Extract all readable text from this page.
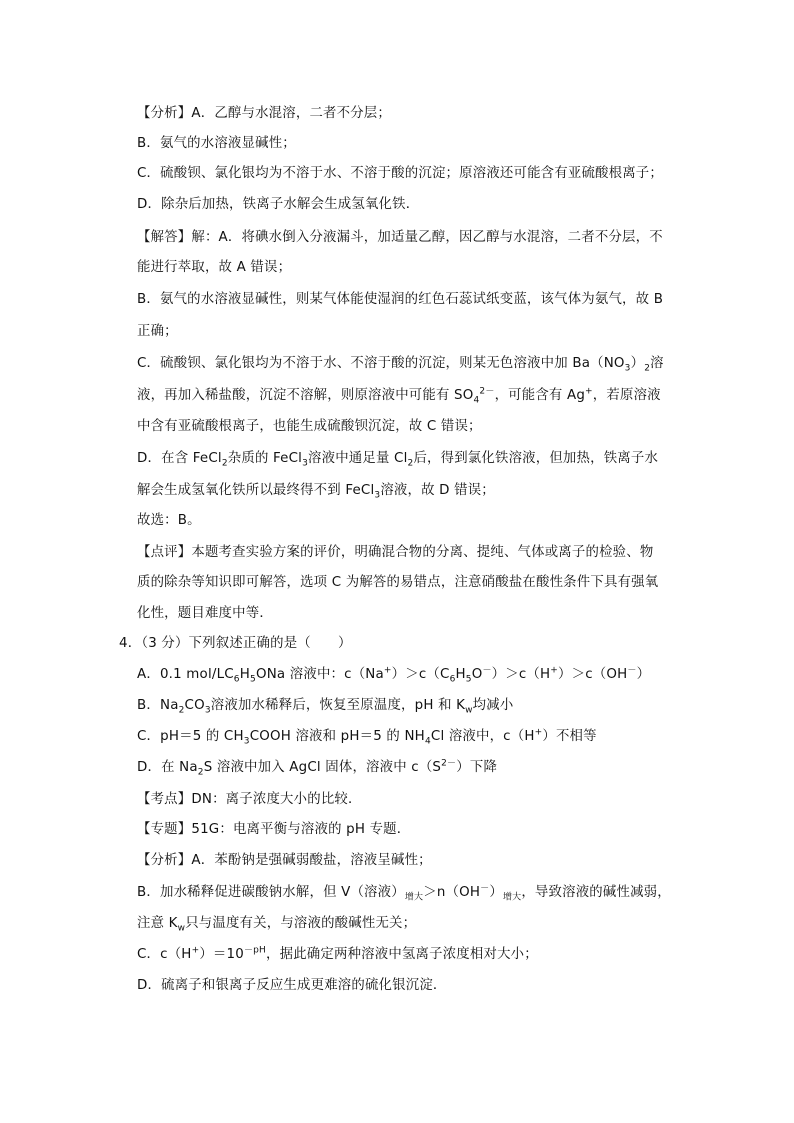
【分析】A．乙醇与水混溶，二者不分层；
B．氨气的水溶液显碱性；
C．硫酸钡、氯化银均为不溶于水、不溶于酸的沉淀；原溶液还可能含有亚硫酸根离子；
D．除杂后加热，铁离子水解会生成氢氧化铁．
【解答】解：A．将碘水倒入分液漏斗，加适量乙醇，因乙醇与水混溶，二者不分层，不
能进行萃取，故 A 错误；
B．氨气的水溶液显碱性，则某气体能使湿润的红色石蕊试纸变蓝，该气体为氨气，故 B
正确；
C．硫酸钡、氯化银均为不溶于水、不溶于酸的沉淀，则某无色溶液中加 $Ba(NO_3)_2$溶
液，再加入稀盐酸，沉淀不溶解，则原溶液中可能有 $SO_4^{2-}$，可能含有 Ag+，若原溶液
中含有亚硫酸根离子，也能生成硫酸钡沉淀，故 C 错误；
D．在含 FeCl$_2$杂质的 FeCl$_3$溶液中通足量 $Cl_2$后，得到氯化铁溶液，但加热，铁离子水
解会生成氢氧化铁所以最终得不到 FeCl$_3$溶液，故 D 错误；
故选：B。
【点评】本题考查实验方案的评价，明确混合物的分离、提纯、气体或离子的检验、物
质的除杂等知识即可解答，选项 C 为解答的易错点，注意硝酸盐在酸性条件下具有强氧
化性，题目难度中等．
4．（3 分）下列叙述正确的是（　　）
A．0.1 mol/$LC_6H_5ONa$ 溶液中：$c(Na^+)>c(C_6H_5O^-)>c(H^+)>c(OH^-)$
B．$Na_2CO_3$溶液加水稀释后，恢复至原温度，pH 和 $K_w$均减小
C．pH＝5 的 $CH_3COOH$ 溶液和 pH＝5 的 $NH_4Cl$ 溶液中，c（H+）不相等
D．在 $Na_2S$ 溶液中加入 AgCl 固体，溶液中 $c(S^{2-})$下降
【考点】DN：离子浓度大小的比较．
【专题】51G：电离平衡与溶液的 pH 专题．
【分析】A．苯酚钠是强碱弱酸盐，溶液呈碱性；
B．加水稀释促进碳酸钠水解，但 V（溶液）$_{增大}>n(OH^-)_{增大}$，导致溶液的碱性减弱，
注意 $K_w$只与温度有关，与溶液的酸碱性无关；
C．$c(H^+)=10^{-pH}$，据此确定两种溶液中氢离子浓度相对大小；
D．硫离子和银离子反应生成更难溶的硫化银沉淀．
